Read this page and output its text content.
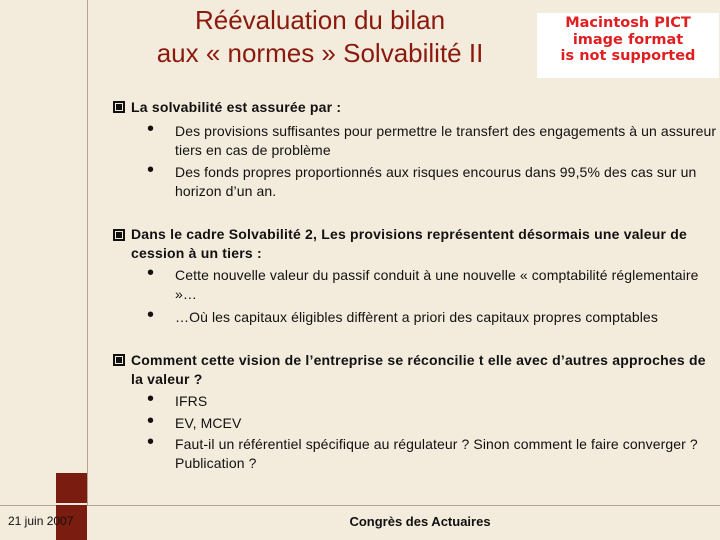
Réévaluation du bilan
aux « normes » Solvabilité II
Macintosh PICT
image format
is not supported
La solvabilité est assurée par :
• Des provisions suffisantes pour permettre le transfert des engagements à un assureur tiers en cas de problème
• Des fonds propres proportionnés aux risques encourus dans 99,5% des cas sur un horizon d’un an.
Dans le cadre Solvabilité 2, Les provisions représentent désormais une valeur de cession à un tiers :
• Cette nouvelle valeur du passif conduit à une nouvelle « comptabilité réglementaire »…
• …Où les capitaux éligibles diffèrent a priori des capitaux propres comptables
Comment cette vision de l’entreprise se réconcilie t elle avec d’autres approches de la valeur ?
• IFRS
• EV, MCEV
• Faut-il un référentiel spécifique au régulateur ? Sinon comment le faire converger ? Publication ?
21 juin 2007	Congrès des Actuaires
